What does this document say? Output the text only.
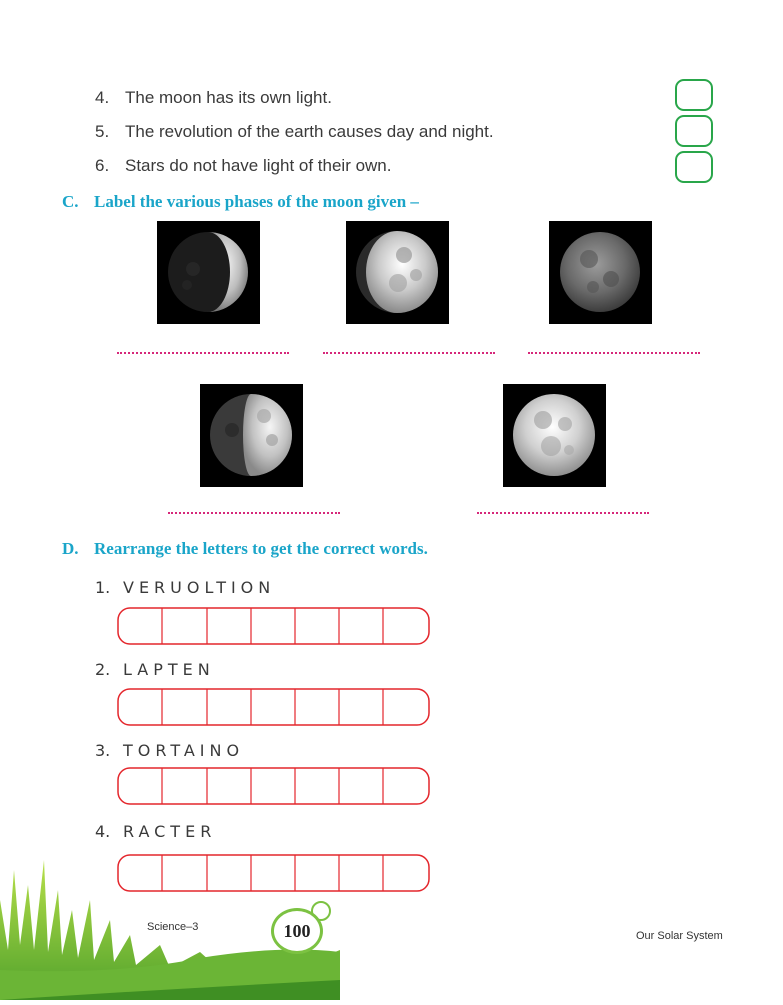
4. The moon has its own light.
5. The revolution of the earth causes day and night.
6. Stars do not have light of their own.
C. Label the various phases of the moon given –
D. Rearrange the letters to get the correct words.
1. VERUOLTION
2. LAPTEN
3. TORTAINO
4. RACTER
Science–3	100	Our Solar System
